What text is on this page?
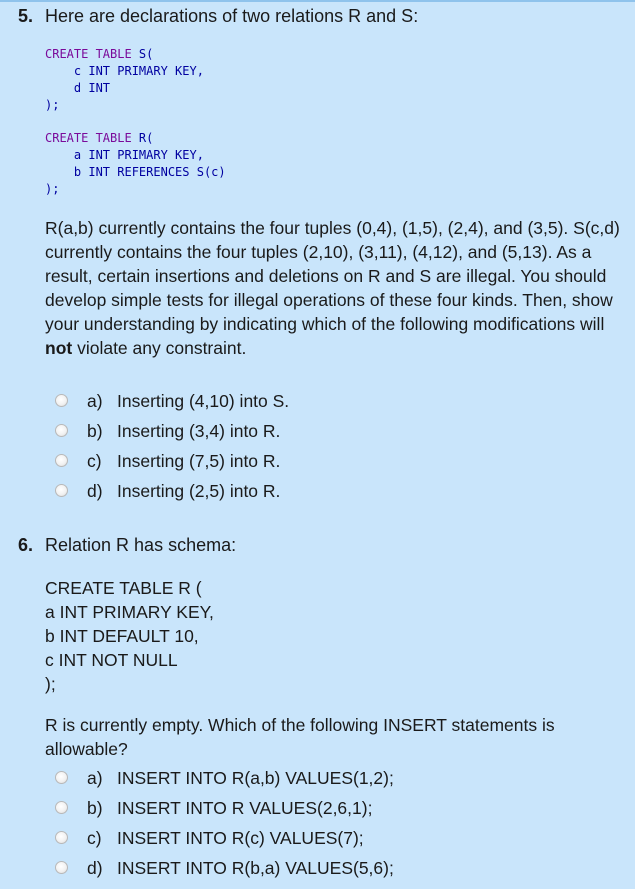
5. Here are declarations of two relations R and S:
CREATE TABLE S(
c INT PRIMARY KEY,
d INT
);
CREATE TABLE R(
a INT PRIMARY KEY,
b INT REFERENCES S(c)
);
R(a,b) currently contains the four tuples (0,4), (1,5), (2,4), and (3,5). S(c,d) currently contains the four tuples (2,10), (3,11), (4,12), and (5,13). As a result, certain insertions and deletions on R and S are illegal. You should develop simple tests for illegal operations of these four kinds. Then, show your understanding by indicating which of the following modifications will not violate any constraint.
a) Inserting (4,10) into S.
b) Inserting (3,4) into R.
c) Inserting (7,5) into R.
d) Inserting (2,5) into R.
6. Relation R has schema:
CREATE TABLE R (
a INT PRIMARY KEY,
b INT DEFAULT 10,
c INT NOT NULL
);
R is currently empty. Which of the following INSERT statements is allowable?
a) INSERT INTO R(a,b) VALUES(1,2);
b) INSERT INTO R VALUES(2,6,1);
c) INSERT INTO R(c) VALUES(7);
d) INSERT INTO R(b,a) VALUES(5,6);
